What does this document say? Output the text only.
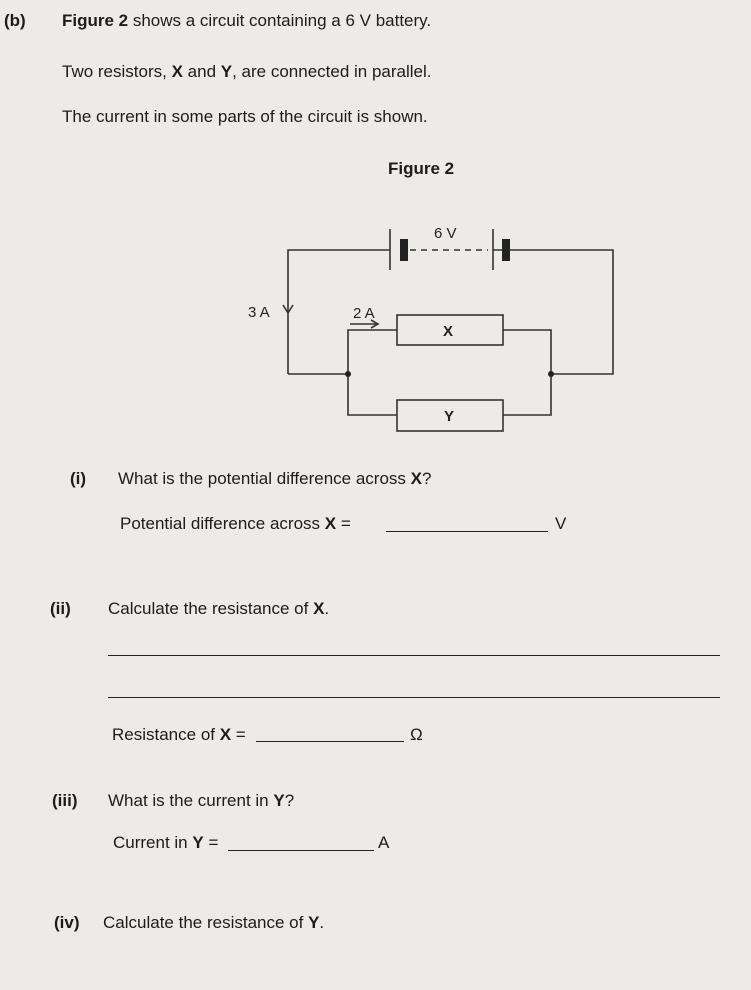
(b) Figure 2 shows a circuit containing a 6 V battery.
Two resistors, X and Y, are connected in parallel.
The current in some parts of the circuit is shown.
Figure 2
6 V
3 A	2 A
X
Y
(i) What is the potential difference across X?
Potential difference across X =	V
(ii) Calculate the resistance of X.
Resistance of X =	Ω
(iii) What is the current in Y?
Current in Y =	A
(iv) Calculate the resistance of Y.
